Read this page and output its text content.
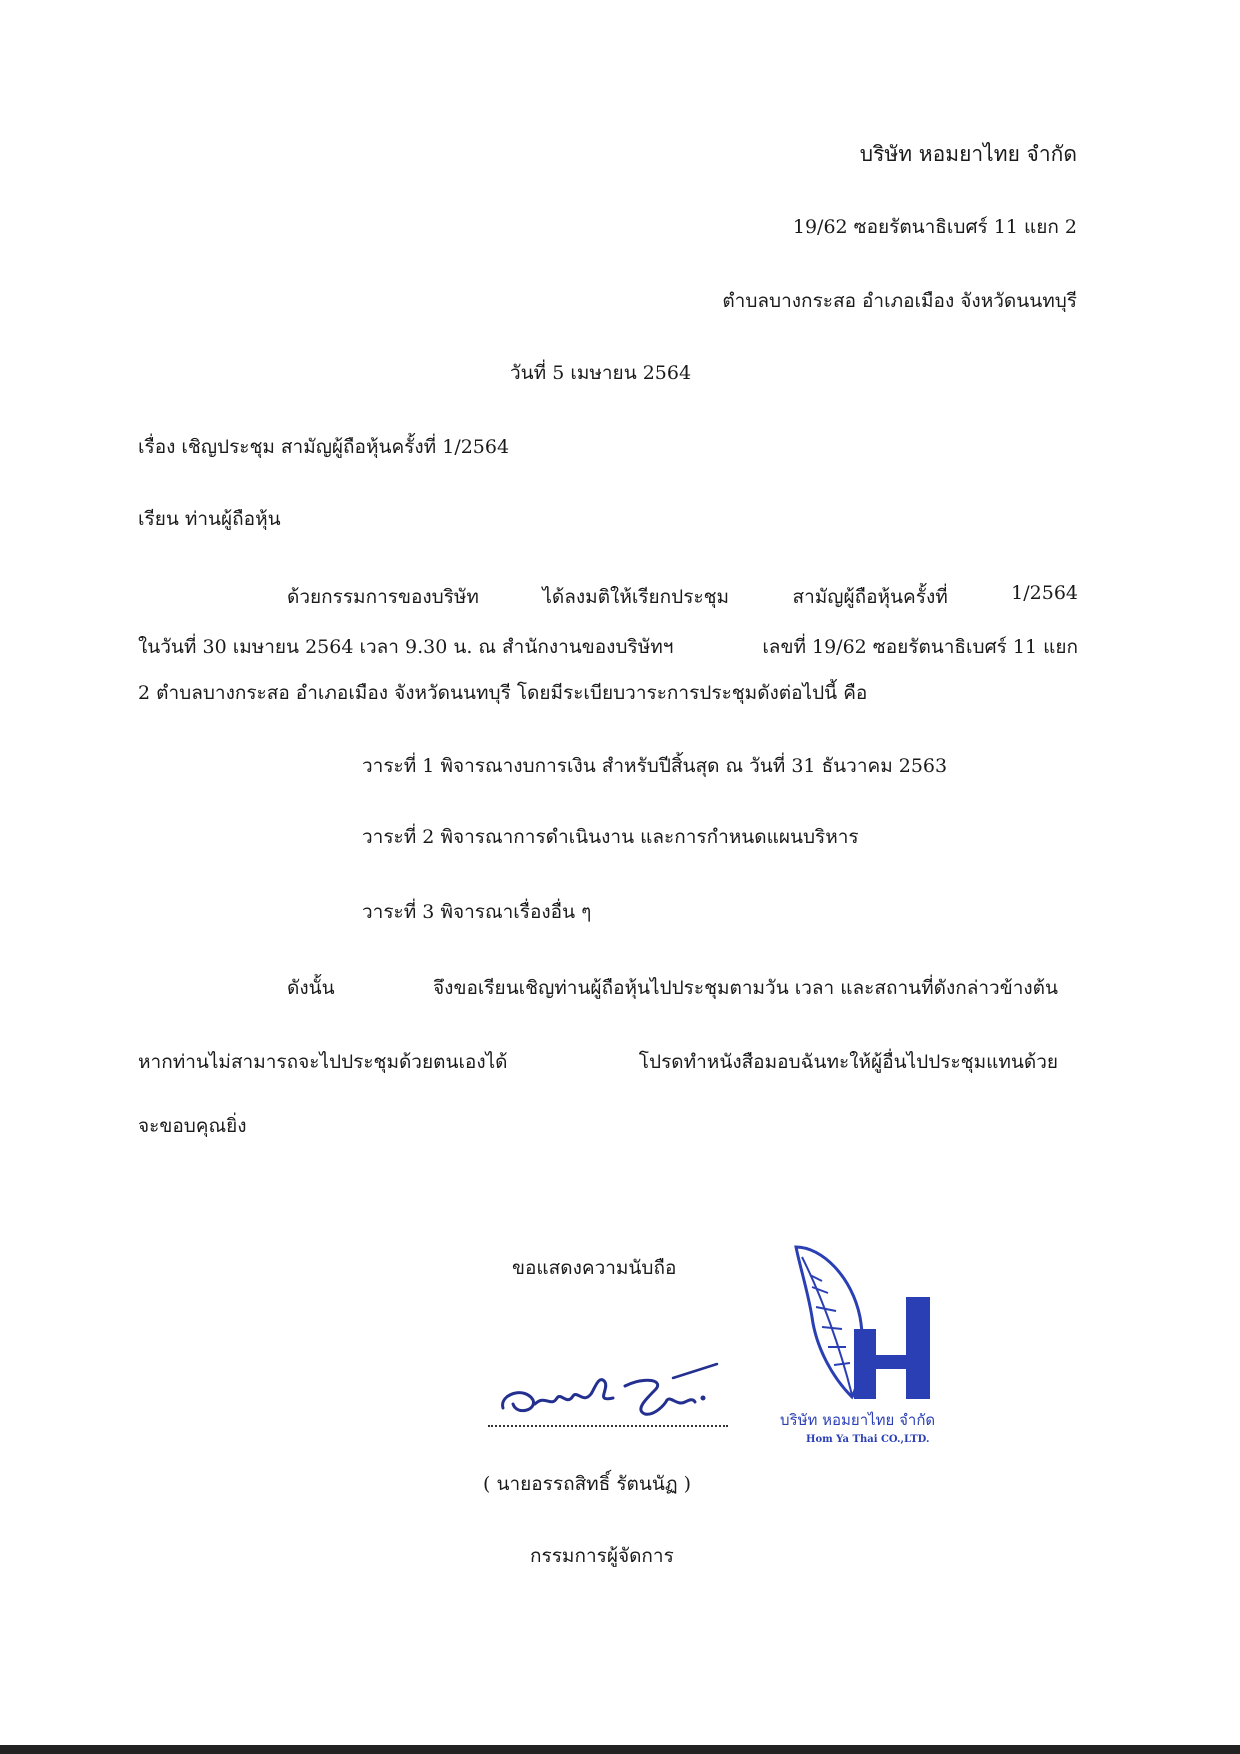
บริษัท หอมยาไทย จำกัด
19/62 ซอยรัตนาธิเบศร์ 11 แยก 2
ตำบลบางกระสอ อำเภอเมือง จังหวัดนนทบุรี
วันที่ 5 เมษายน 2564
เรื่อง เชิญประชุม สามัญผู้ถือหุ้นครั้งที่ 1/2564
เรียน ท่านผู้ถือหุ้น
ด้วยกรรมการของบริษัท	ได้ลงมติให้เรียกประชุม	สามัญผู้ถือหุ้นครั้งที่	1/2564
ในวันที่ 30 เมษายน 2564 เวลา 9.30 น. ณ สำนักงานของบริษัทฯ	เลขที่ 19/62 ซอยรัตนาธิเบศร์ 11 แยก
2 ตำบลบางกระสอ อำเภอเมือง จังหวัดนนทบุรี โดยมีระเบียบวาระการประชุมดังต่อไปนี้ คือ
วาระที่ 1 พิจารณางบการเงิน สำหรับปีสิ้นสุด ณ วันที่ 31 ธันวาคม 2563
วาระที่ 2 พิจารณาการดำเนินงาน และการกำหนดแผนบริหาร
วาระที่ 3 พิจารณาเรื่องอื่น ๆ
ดังนั้น	จึงขอเรียนเชิญท่านผู้ถือหุ้นไปประชุมตามวัน เวลา และสถานที่ดังกล่าวข้างต้น
หากท่านไม่สามารถจะไปประชุมด้วยตนเองได้	โปรดทำหนังสือมอบฉันทะให้ผู้อื่นไปประชุมแทนด้วย
จะขอบคุณยิ่ง
ขอแสดงความนับถือ
( นายอรรถสิทธิ์ รัตนนัฏ )
กรรมการผู้จัดการ
บริษัท หอมยาไทย จำกัด
Hom Ya Thai CO.,LTD.
